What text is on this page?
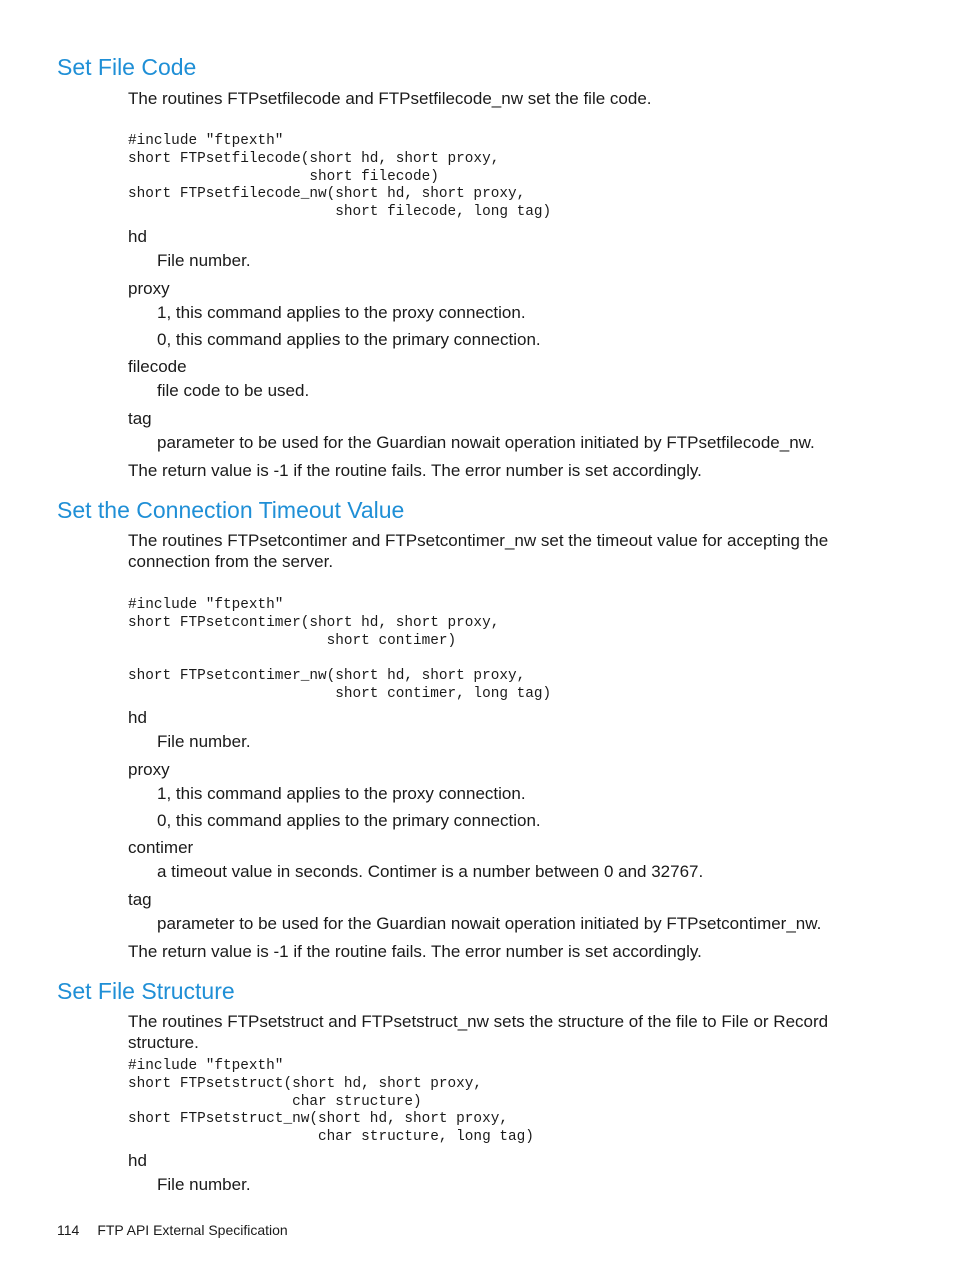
Set File Code
The routines FTPsetfilecode and FTPsetfilecode_nw set the file code.
#include "ftpexth"
short FTPsetfilecode(short hd, short proxy,
short filecode)
short FTPsetfilecode_nw(short hd, short proxy,
short filecode, long tag)
hd
File number.
proxy
1, this command applies to the proxy connection.
0, this command applies to the primary connection.
filecode
file code to be used.
tag
parameter to be used for the Guardian nowait operation initiated by FTPsetfilecode_nw.
The return value is -1 if the routine fails. The error number is set accordingly.
Set the Connection Timeout Value
The routines FTPsetcontimer and FTPsetcontimer_nw set the timeout value for accepting the connection from the server.
#include "ftpexth"
short FTPsetcontimer(short hd, short proxy,
short contimer)

short FTPsetcontimer_nw(short hd, short proxy,
short contimer, long tag)
hd
File number.
proxy
1, this command applies to the proxy connection.
0, this command applies to the primary connection.
contimer
a timeout value in seconds. Contimer is a number between 0 and 32767.
tag
parameter to be used for the Guardian nowait operation initiated by FTPsetcontimer_nw.
The return value is -1 if the routine fails. The error number is set accordingly.
Set File Structure
The routines FTPsetstruct and FTPsetstruct_nw sets the structure of the file to File or Record structure.
#include "ftpexth"
short FTPsetstruct(short hd, short proxy,
char structure)
short FTPsetstruct_nw(short hd, short proxy,
char structure, long tag)
hd
File number.
114 FTP API External Specification
